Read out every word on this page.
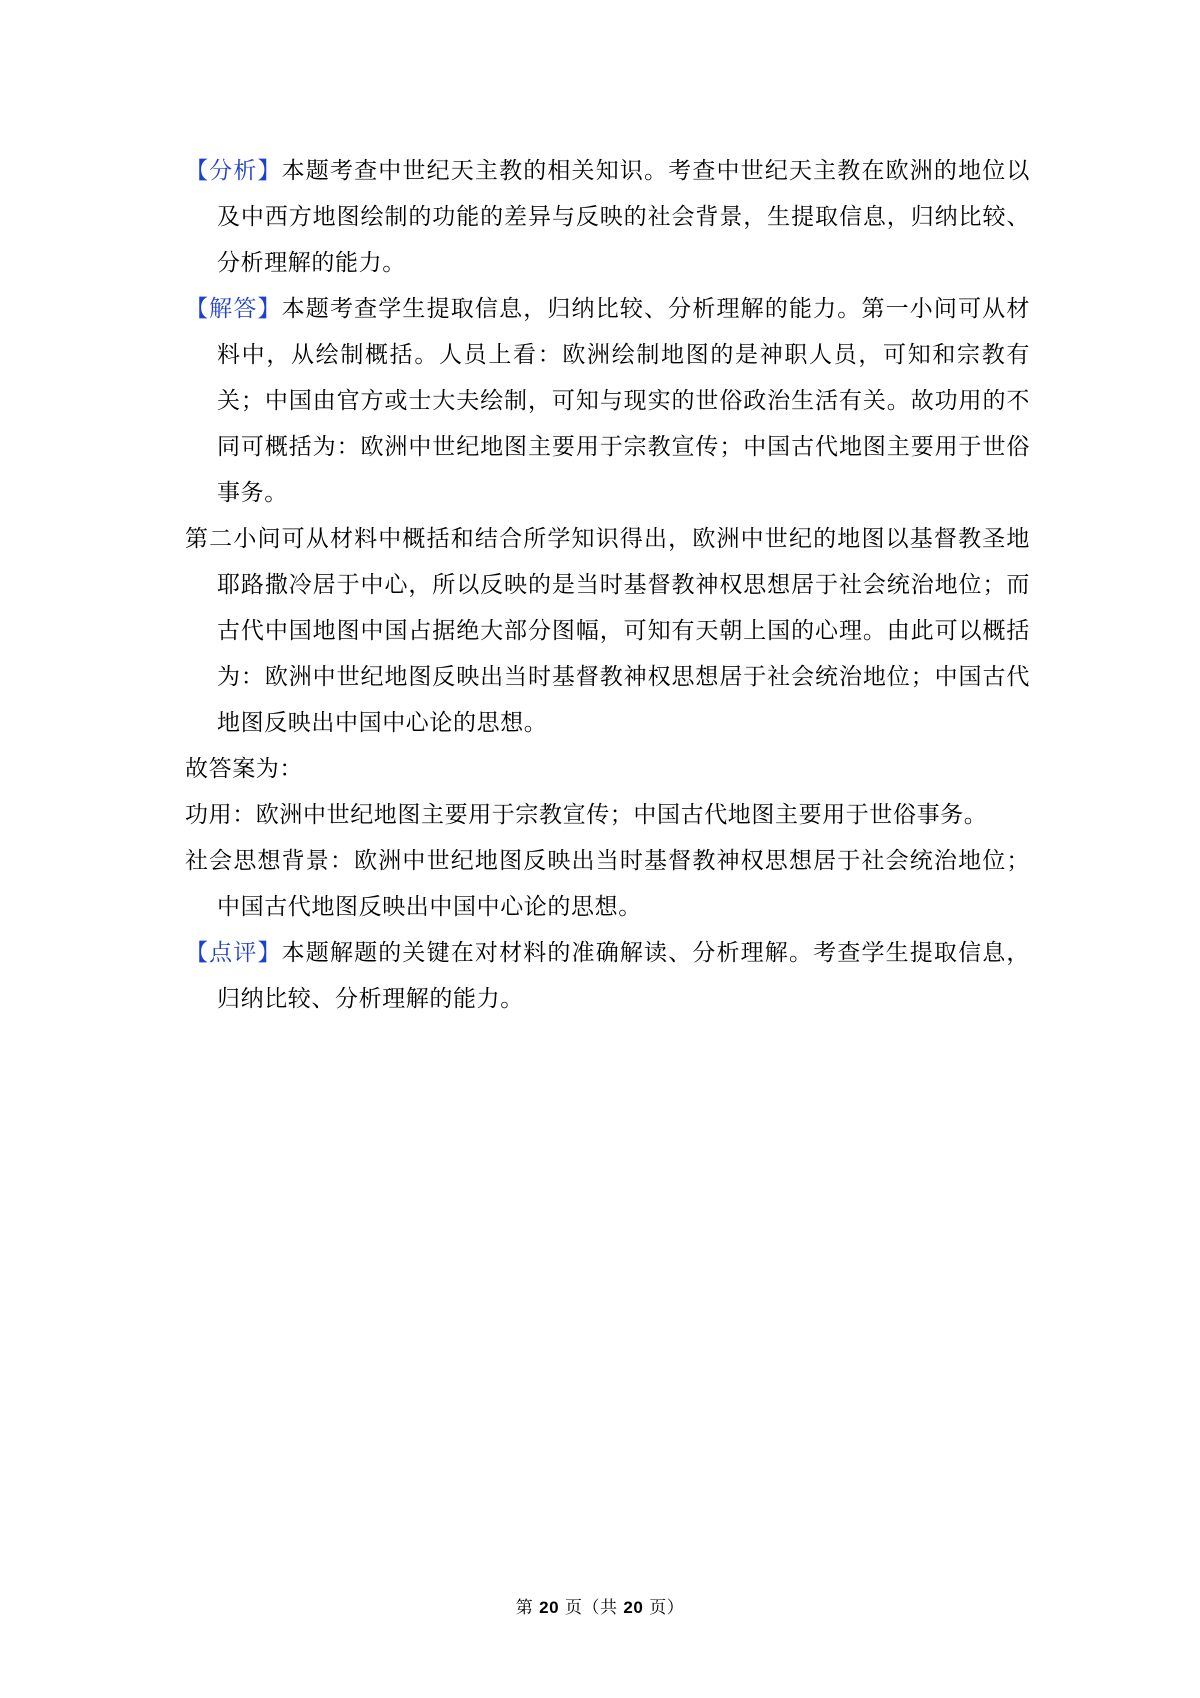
【分析】本题考查中世纪天主教的相关知识。考查中世纪天主教在欧洲的地位以及中西方地图绘制的功能的差异与反映的社会背景，生提取信息，归纳比较、分析理解的能力。

【解答】本题考查学生提取信息，归纳比较、分析理解的能力。第一小问可从材料中，从绘制概括。人员上看：欧洲绘制地图的是神职人员，可知和宗教有关；中国由官方或士大夫绘制，可知与现实的世俗政治生活有关。故功用的不同可概括为：欧洲中世纪地图主要用于宗教宣传；中国古代地图主要用于世俗事务。

第二小问可从材料中概括和结合所学知识得出，欧洲中世纪的地图以基督教圣地耶路撒冷居于中心，所以反映的是当时基督教神权思想居于社会统治地位；而古代中国地图中国占据绝大部分图幅，可知有天朝上国的心理。由此可以概括为：欧洲中世纪地图反映出当时基督教神权思想居于社会统治地位；中国古代地图反映出中国中心论的思想。

故答案为：

功用：欧洲中世纪地图主要用于宗教宣传；中国古代地图主要用于世俗事务。

社会思想背景：欧洲中世纪地图反映出当时基督教神权思想居于社会统治地位；中国古代地图反映出中国中心论的思想。

【点评】本题解题的关键在对材料的准确解读、分析理解。考查学生提取信息，归纳比较、分析理解的能力。

第 20 页（共 20 页）
